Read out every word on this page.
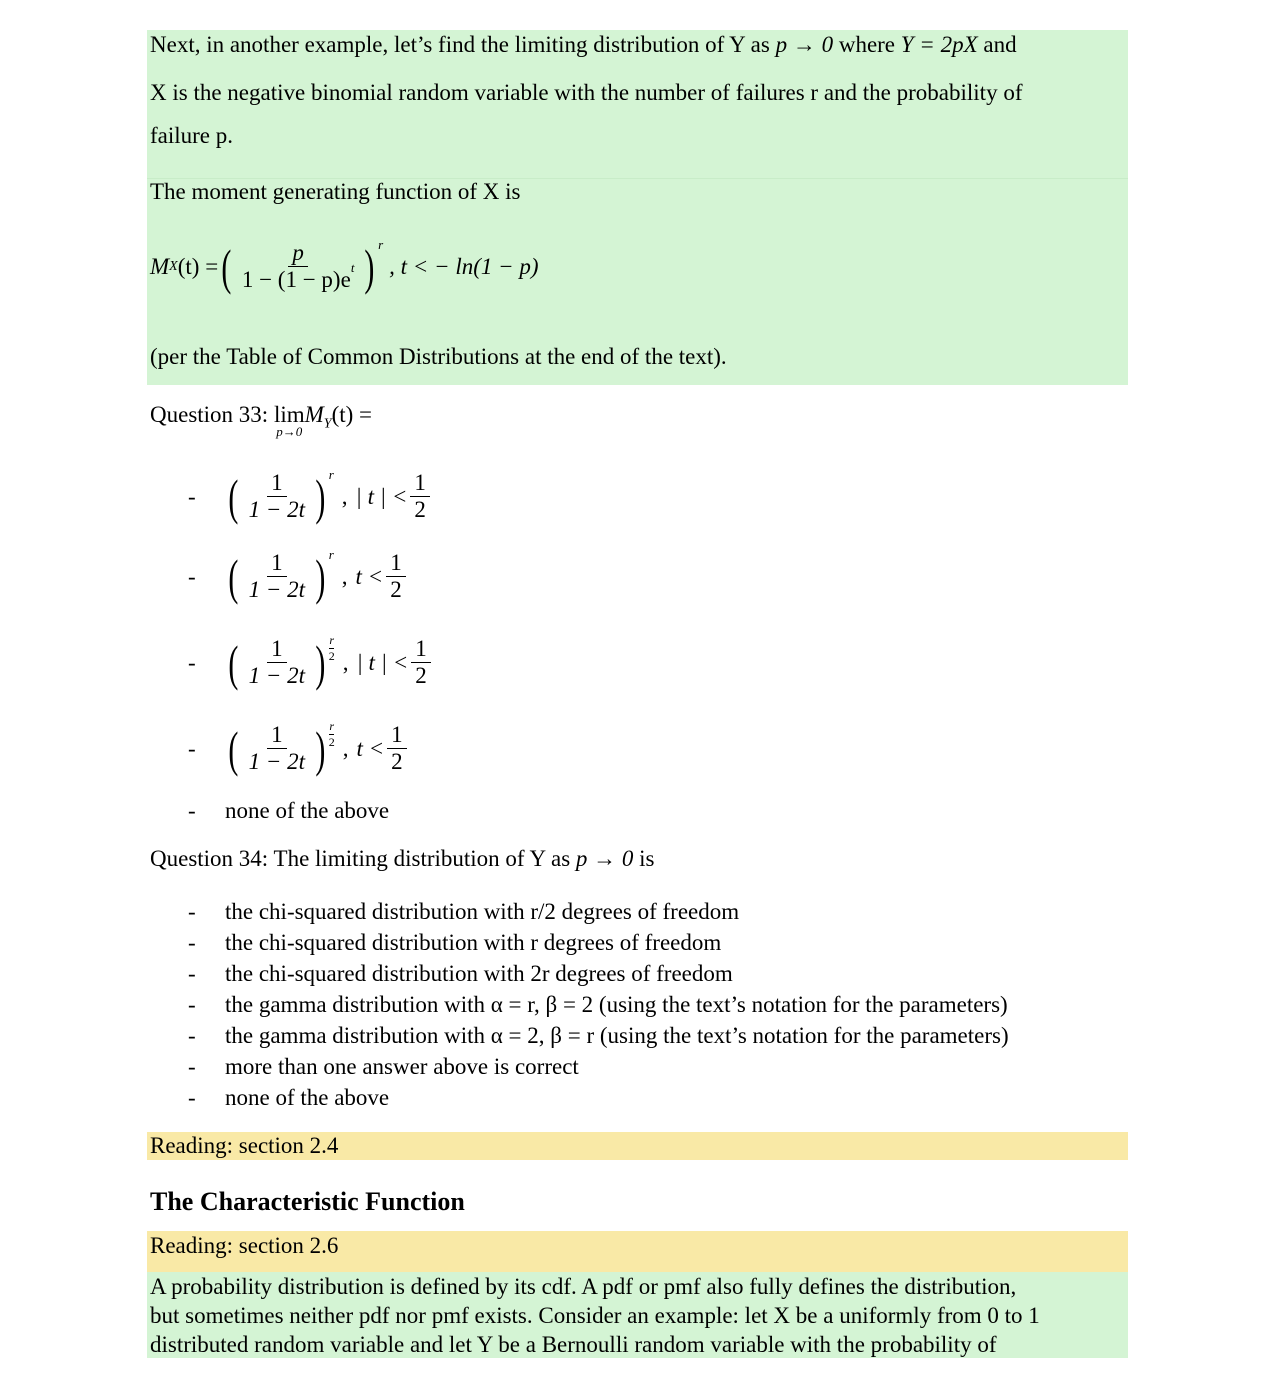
Next, in another example, let’s find the limiting distribution of Y as p → 0 where Y = 2pX and
X is the negative binomial random variable with the number of failures r and the probability of
failure p.
The moment generating function of X is
M X (t) = ( $\frac{p}{1 - (1 - p)e^t}$ ) r
, t < − ln(1 − p)
(per the Table of Common Distributions at the end of the text).
Question 33: lim
p→0
$M_Y(t)$ =
- ( $\frac{1}{1 - 2t}$ ) r
, | t | < $\frac{1}{2}$
- ( $\frac{1}{1 - 2t}$ ) r
, $t < \frac{1}{2}$
- ( $\frac{1}{1 - 2t}$ ) r
2 , | t | < $\frac{1}{2}$
- ( $\frac{1}{1 - 2t}$ ) r
2 , $t < \frac{1}{2}$
-	none of the above
Question 34: The limiting distribution of Y as p → 0 is
-	the chi-squared distribution with r/2 degrees of freedom
-	the chi-squared distribution with r degrees of freedom
-	the chi-squared distribution with 2r degrees of freedom
-	the gamma distribution with α = r, β = 2 (using the text’s notation for the parameters)
-	the gamma distribution with α = 2, β = r (using the text’s notation for the parameters)
-	more than one answer above is correct
-	none of the above
Reading: section 2.4
The Characteristic Function
Reading: section 2.6
A probability distribution is defined by its cdf. A pdf or pmf also fully defines the distribution,
but sometimes neither pdf nor pmf exists. Consider an example: let X be a uniformly from 0 to 1
distributed random variable and let Y be a Bernoulli random variable with the probability of
